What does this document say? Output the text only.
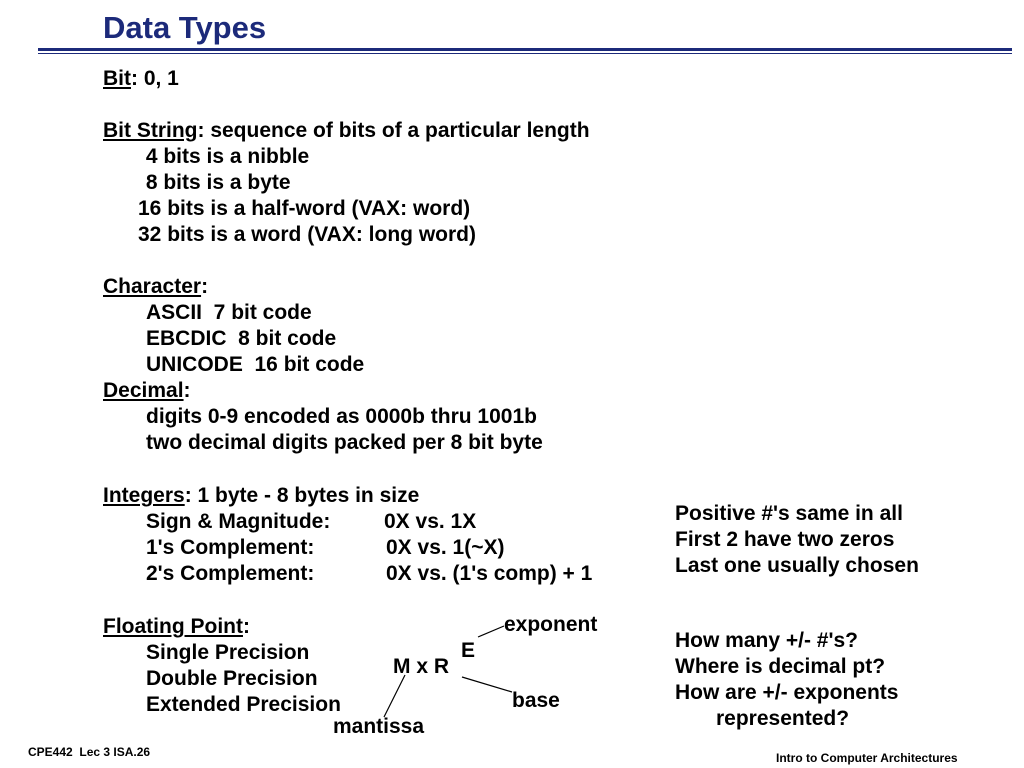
Data Types
Bit: 0, 1
Bit String: sequence of bits of a particular length
4 bits is a nibble
8 bits is a byte
16 bits is a half-word (VAX: word)
32 bits is a word (VAX: long word)
Character:
ASCII  7 bit code
EBCDIC  8 bit code
UNICODE  16 bit code
Decimal:
digits 0-9 encoded as 0000b thru 1001b
two decimal digits packed per 8 bit byte
Integers: 1 byte - 8 bytes in size
Sign & Magnitude:	0X vs. 1X
1's Complement:	0X vs. 1(~X)
2's Complement:	0X vs. (1's comp) + 1
Positive #'s same in all
First 2 have two zeros
Last one usually chosen
Floating Point:
Single Precision
Double Precision
Extended Precision
M x R
E
exponent
base
mantissa
How many +/- #'s?
Where is decimal pt?
How are +/- exponents
represented?
CPE442  Lec 3 ISA.26	Intro to Computer Architectures
